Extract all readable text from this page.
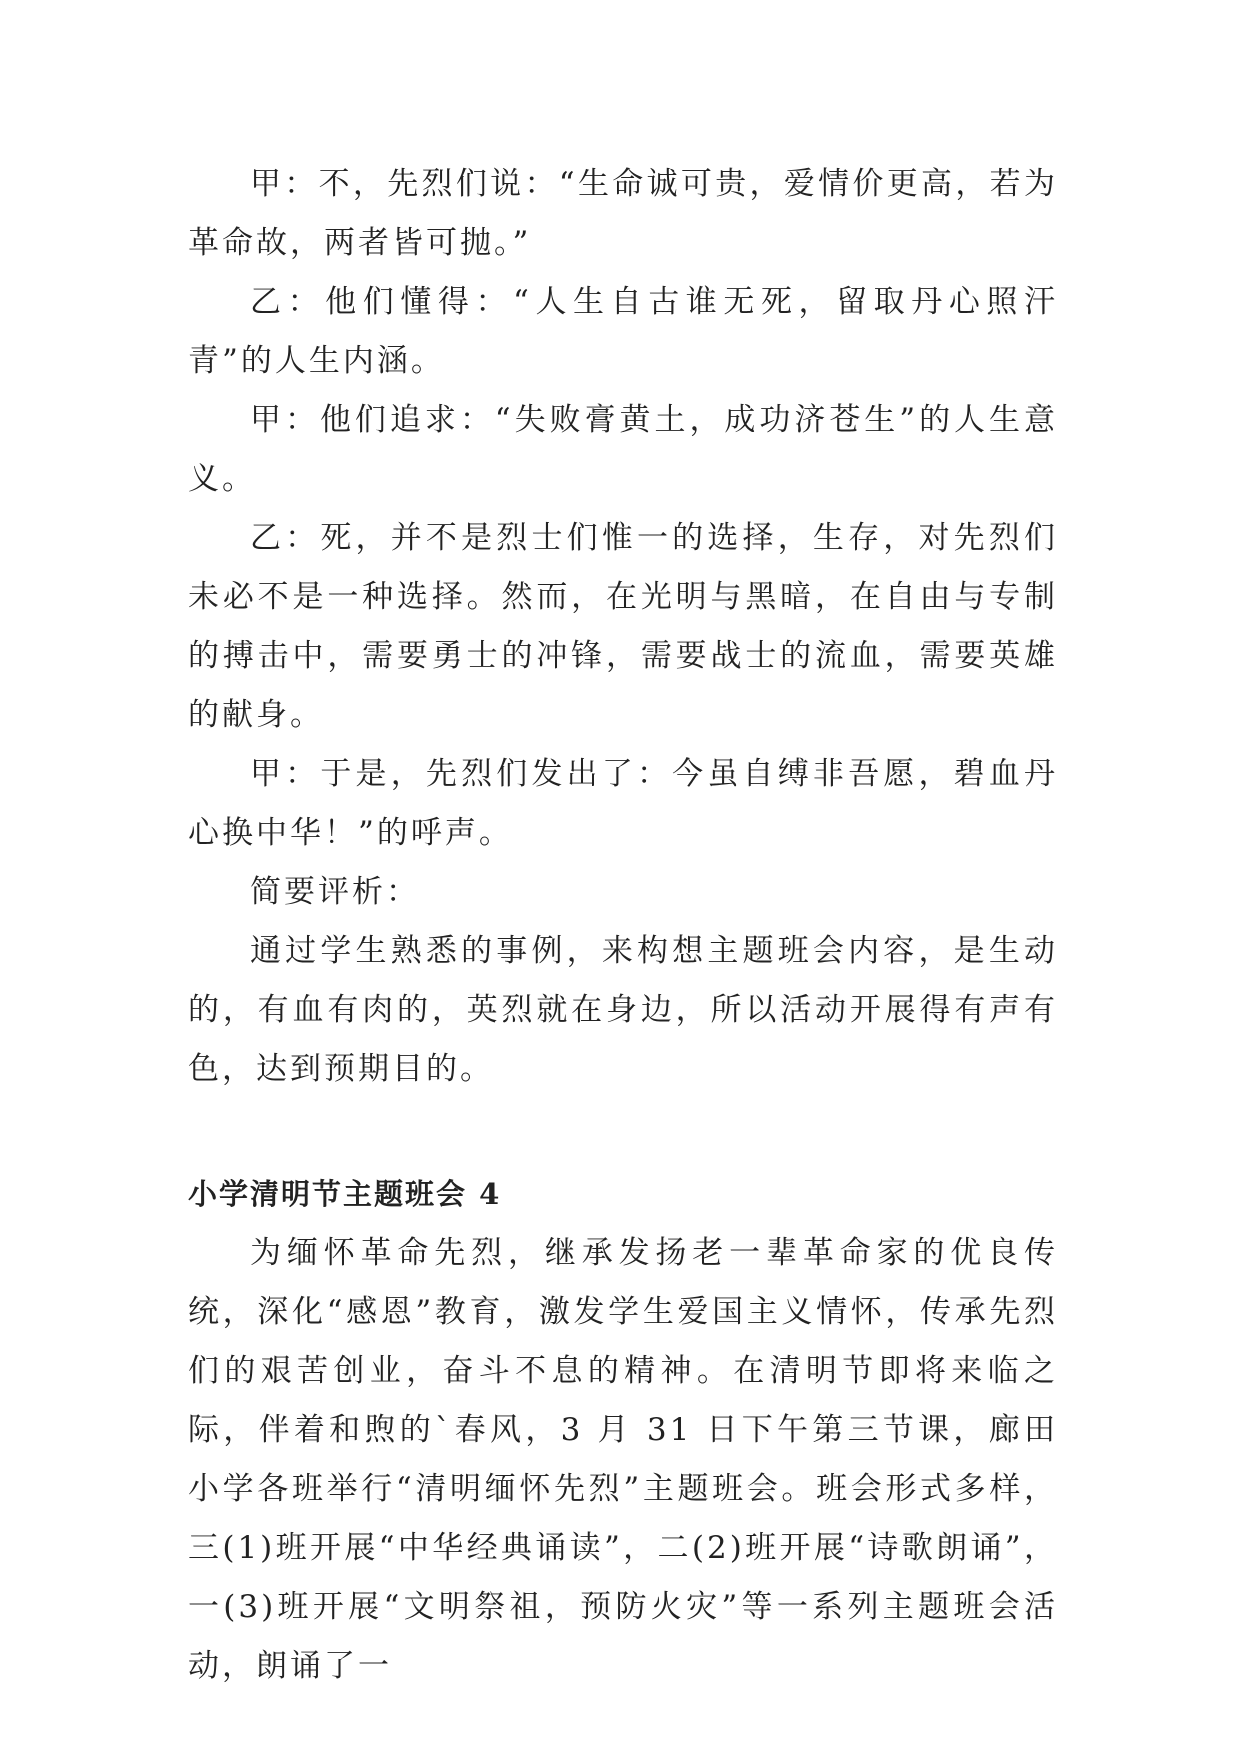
甲：不，先烈们说：“生命诚可贵，爱情价更高，若为革命故，两者皆可抛。”

乙：他们懂得：“人生自古谁无死，留取丹心照汗青”的人生内涵。

甲：他们追求：“失败膏黄土，成功济苍生”的人生意义。

乙：死，并不是烈士们惟一的选择，生存，对先烈们未必不是一种选择。然而，在光明与黑暗，在自由与专制的搏击中，需要勇士的冲锋，需要战士的流血，需要英雄的献身。

甲：于是，先烈们发出了：今虽自缚非吾愿，碧血丹心换中华！”的呼声。

简要评析：

通过学生熟悉的事例，来构想主题班会内容，是生动的，有血有肉的，英烈就在身边，所以活动开展得有声有色，达到预期目的。

小学清明节主题班会 4

为缅怀革命先烈，继承发扬老一辈革命家的优良传统，深化“感恩”教育，激发学生爱国主义情怀，传承先烈们的艰苦创业，奋斗不息的精神。在清明节即将来临之际，伴着和煦的`春风，3 月 31 日下午第三节课，廊田小学各班举行“清明缅怀先烈”主题班会。班会形式多样，三(1)班开展“中华经典诵读”，二(2)班开展“诗歌朗诵”，一(3)班开展“文明祭祖，预防火灾”等一系列主题班会活动，朗诵了一
